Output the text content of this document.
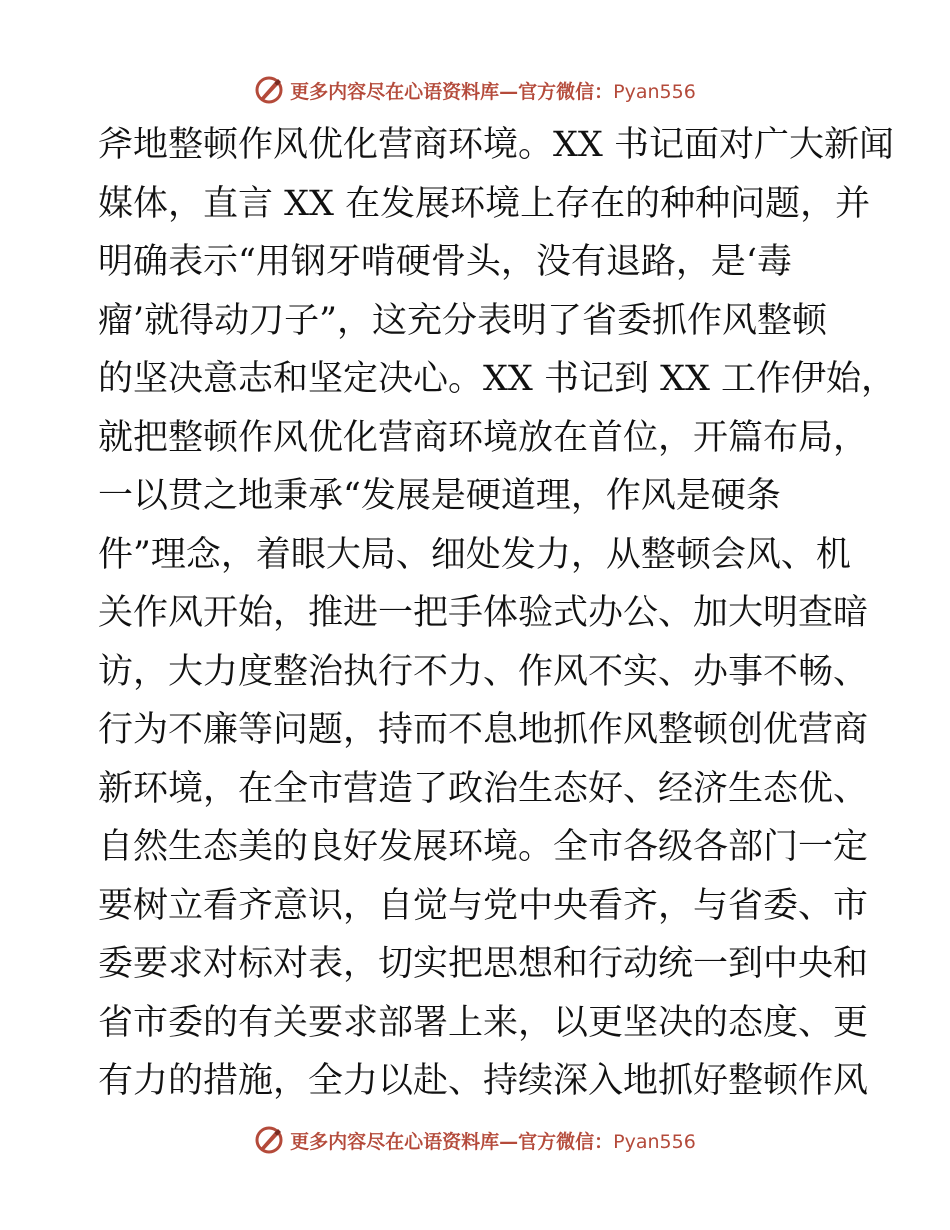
更多内容尽在心语资料库—官方微信：Pyan556
斧地整顿作风优化营商环境。XX 书记面对广大新闻
媒体，直言 XX 在发展环境上存在的种种问题，并
明确表示“用钢牙啃硬骨头，没有退路，是‘毒
瘤’就得动刀子”，这充分表明了省委抓作风整顿
的坚决意志和坚定决心。XX 书记到 XX 工作伊始，
就把整顿作风优化营商环境放在首位，开篇布局，
一以贯之地秉承“发展是硬道理，作风是硬条
件”理念，着眼大局、细处发力，从整顿会风、机
关作风开始，推进一把手体验式办公、加大明查暗
访，大力度整治执行不力、作风不实、办事不畅、
行为不廉等问题，持而不息地抓作风整顿创优营商
新环境，在全市营造了政治生态好、经济生态优、
自然生态美的良好发展环境。全市各级各部门一定
要树立看齐意识，自觉与党中央看齐，与省委、市
委要求对标对表，切实把思想和行动统一到中央和
省市委的有关要求部署上来，以更坚决的态度、更
有力的措施，全力以赴、持续深入地抓好整顿作风
更多内容尽在心语资料库—官方微信：Pyan556
